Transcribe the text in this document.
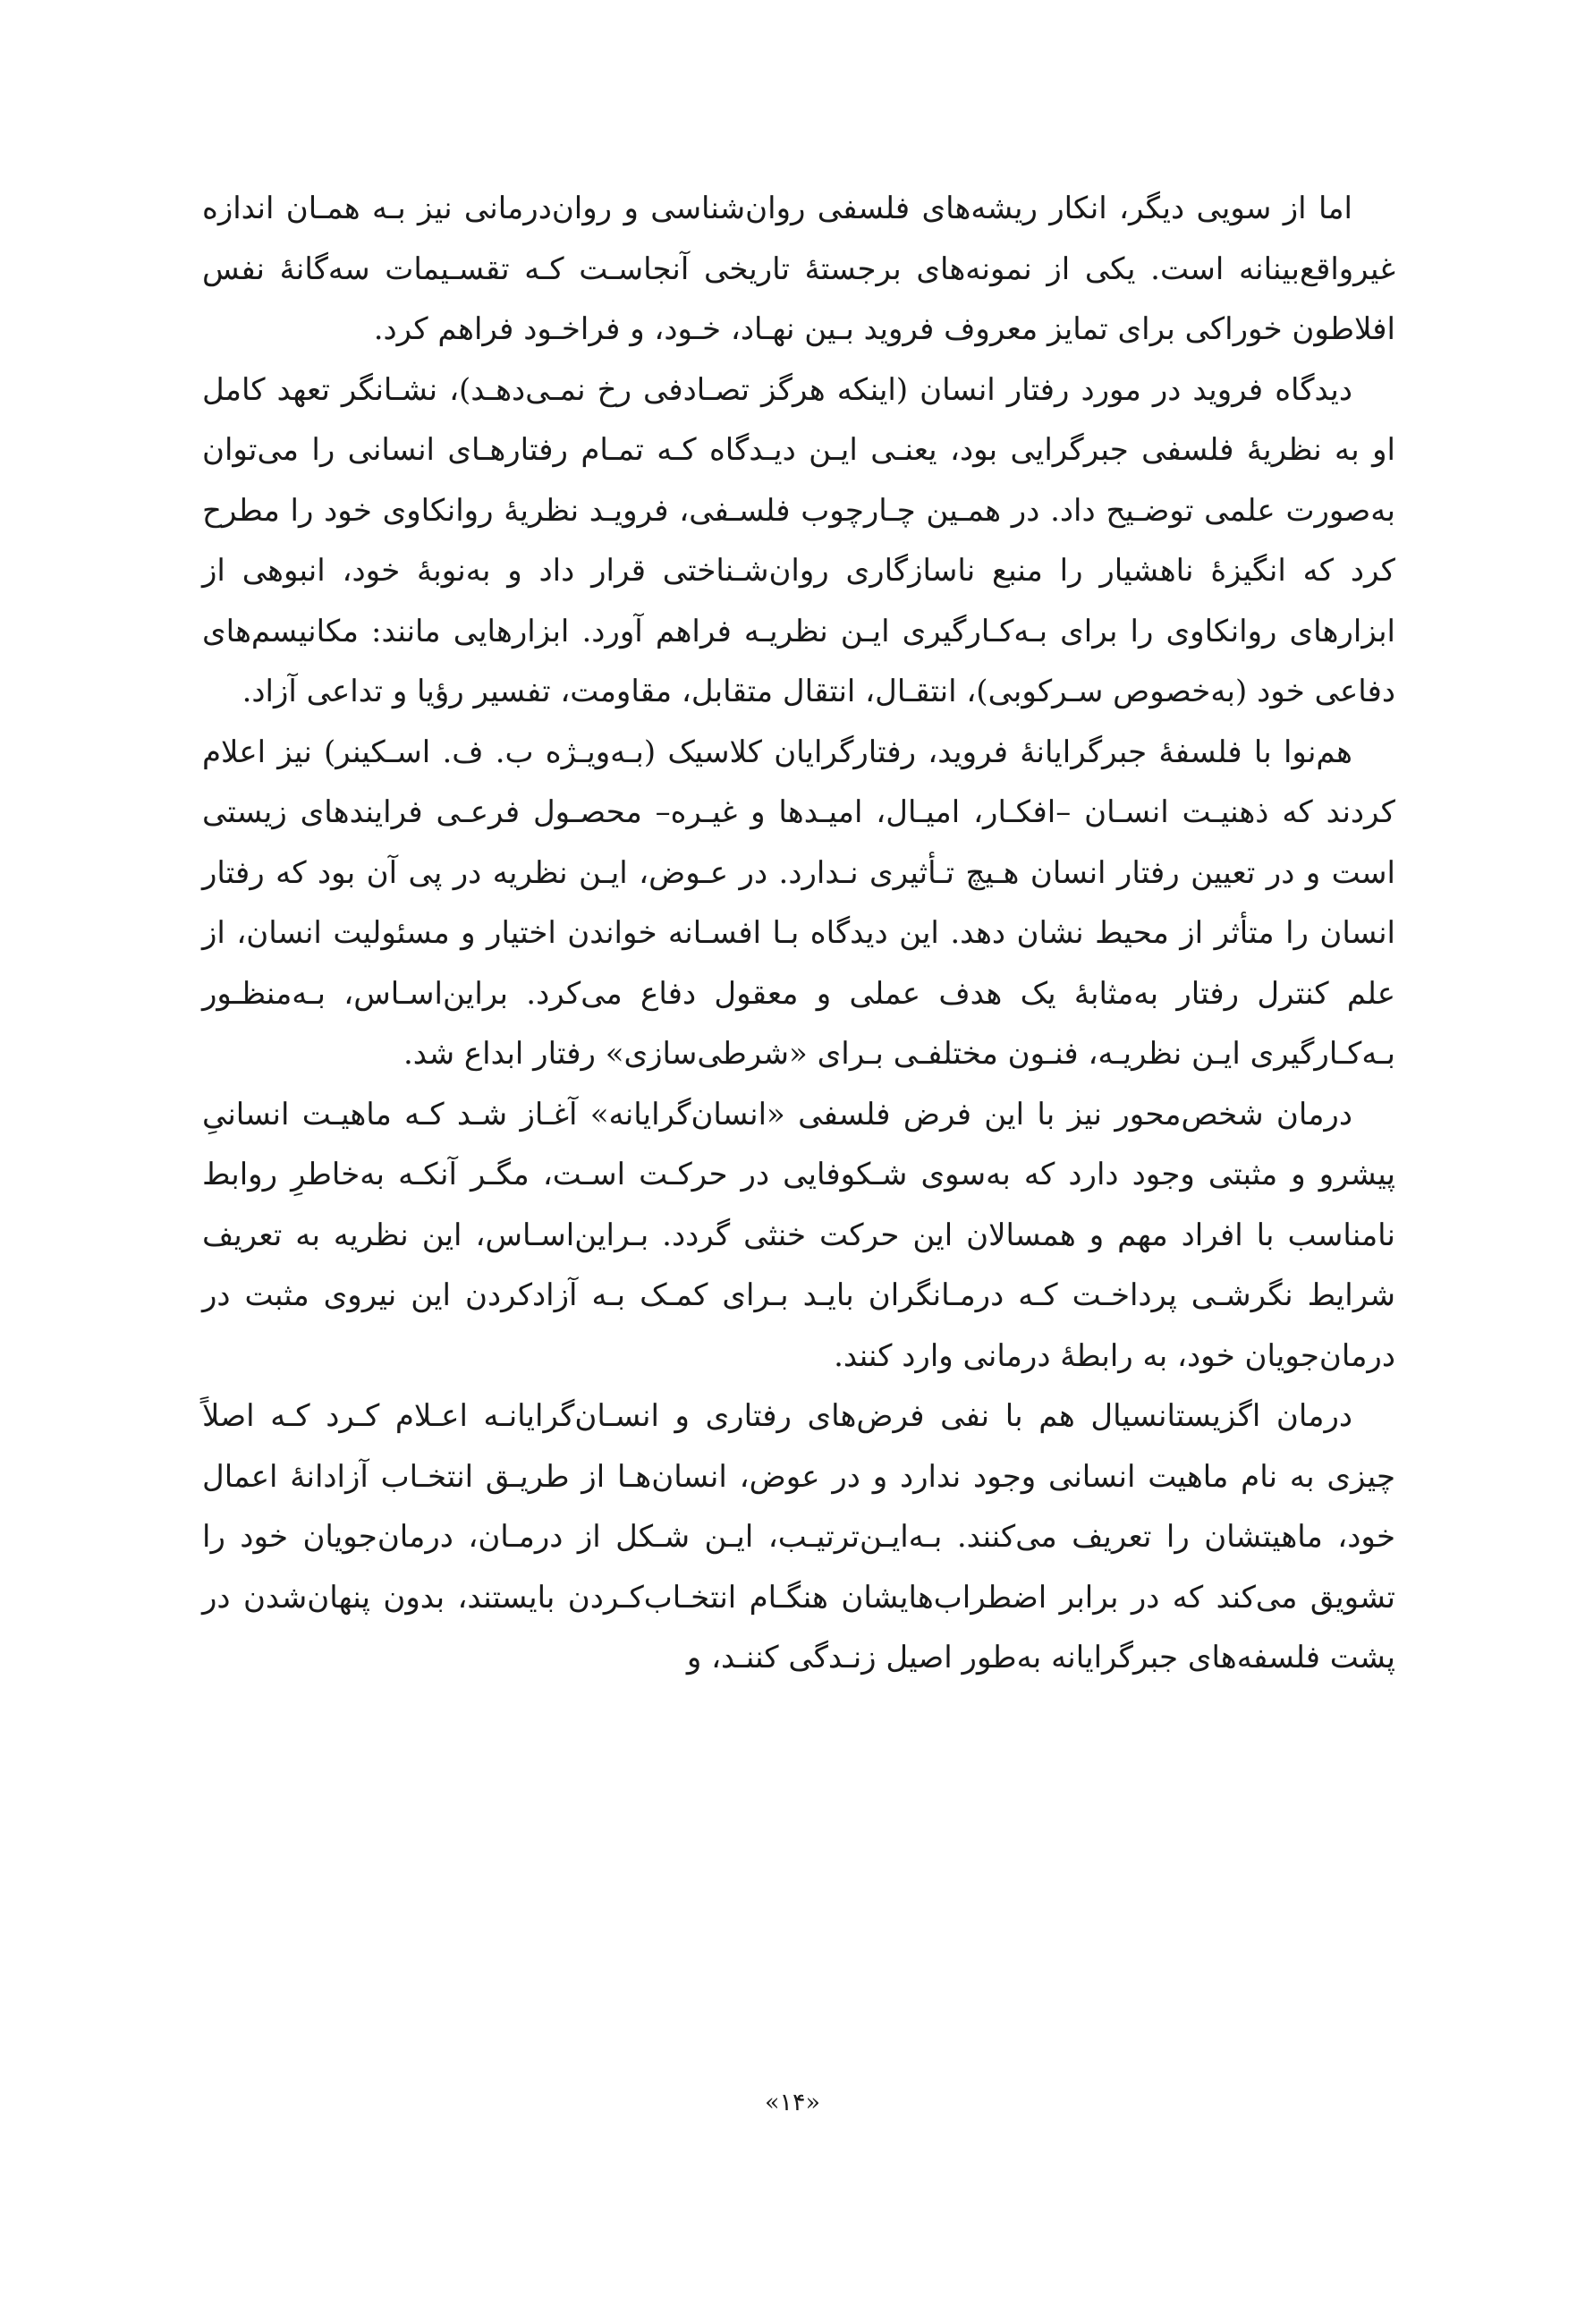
اما از سویی دیگر، انکار ریشه‌های فلسفی روان‌شناسی و روان‌درمانی نیز بـه همـان اندازه غیرواقع‌بینانه است. یکی از نمونه‌های برجستهٔ تاریخی آنجاسـت کـه تقسـیمات سه‌گانهٔ نفس افلاطون خوراکی برای تمایز معروف فروید بـین نهـاد، خـود، و فراخـود فراهم کرد.

دیدگاه فروید در مورد رفتار انسان (اینکه هرگز تصـادفی رخ نمـی‌دهـد)، نشـانگر تعهد کامل او به نظریهٔ فلسفی جبرگرایی بود، یعنـی ایـن دیـدگاه کـه تمـام رفتارهـای انسانی را می‌توان به‌صورت علمی توضـیح داد. در همـین چـارچوب فلسـفی، فرویـد نظریهٔ روانکاوی خود را مطرح کرد که انگیزهٔ ناهشیار را منبع ناسازگاری روان‌شـناختی قرار داد و به‌نوبهٔ خود، انبوهی از ابزارهای روانکاوی را برای بـه‌کـارگیری ایـن نظریـه فراهم آورد. ابزارهایی مانند: مکانیسم‌های دفاعی خود (به‌خصوص سـرکوبی)، انتقـال، انتقال متقابل، مقاومت، تفسیر رؤیا و تداعی آزاد.

هم‌نوا با فلسفهٔ جبرگرایانهٔ فروید، رفتارگرایان کلاسیک (بـه‌ویـژه ب. ف. اسـکینر) نیز اعلام کردند که ذهنیـت انسـان –افکـار، امیـال، امیـدها و غیـره– محصـول فرعـی فرایندهای زیستی است و در تعیین رفتار انسان هـیچ تـأثیری نـدارد. در عـوض، ایـن نظریه در پی آن بود که رفتار انسان را متأثر از محیط نشان دهد. این دیدگاه بـا افسـانه خواندن اختیار و مسئولیت انسان، از علم کنترل رفتار به‌مثابهٔ یک هدف عملی و معقول دفاع می‌کرد. براین‌اسـاس، بـه‌منظـور بـه‌کـارگیری ایـن نظریـه، فنـون مختلفـی بـرای «شرطی‌سازی» رفتار ابداع شد.

درمان شخص‌محور نیز با این فرض فلسفی «انسان‌گرایانه» آغـاز شـد کـه ماهیـت انسانیِ پیشرو و مثبتی وجود دارد که به‌سوی شـکوفایی در حرکـت اسـت، مگـر آنکـه به‌خاطرِ روابط نامناسب با افراد مهم و همسالان این حرکت خنثی گردد. بـراین‌اسـاس، این نظریه به تعریف شرایط نگرشـی پرداخـت کـه درمـانگران بایـد بـرای کمـک بـه آزادکردن این نیروی مثبت در درمان‌جویان خود، به رابطهٔ درمانی وارد کنند.

درمان اگزیستانسیال هم با نفی فرض‌های رفتاری و انسـان‌گرایانـه اعـلام کـرد کـه اصلاً چیزی به نام ماهیت انسانی وجود ندارد و در عوض، انسان‌هـا از طریـق انتخـاب آزادانهٔ اعمال خود، ماهیتشان را تعریف می‌کنند. بـه‌ایـن‌ترتیـب، ایـن شـکل از درمـان، درمان‌جویان خود را تشویق می‌کند که در برابر اضطراب‌هایشان هنگـام انتخـاب‌کـردن بایستند، بدون پنهان‌شدن در پشت فلسفه‌های جبرگرایانه به‌طور اصیل زنـدگی کننـد، و

«۱۴»
